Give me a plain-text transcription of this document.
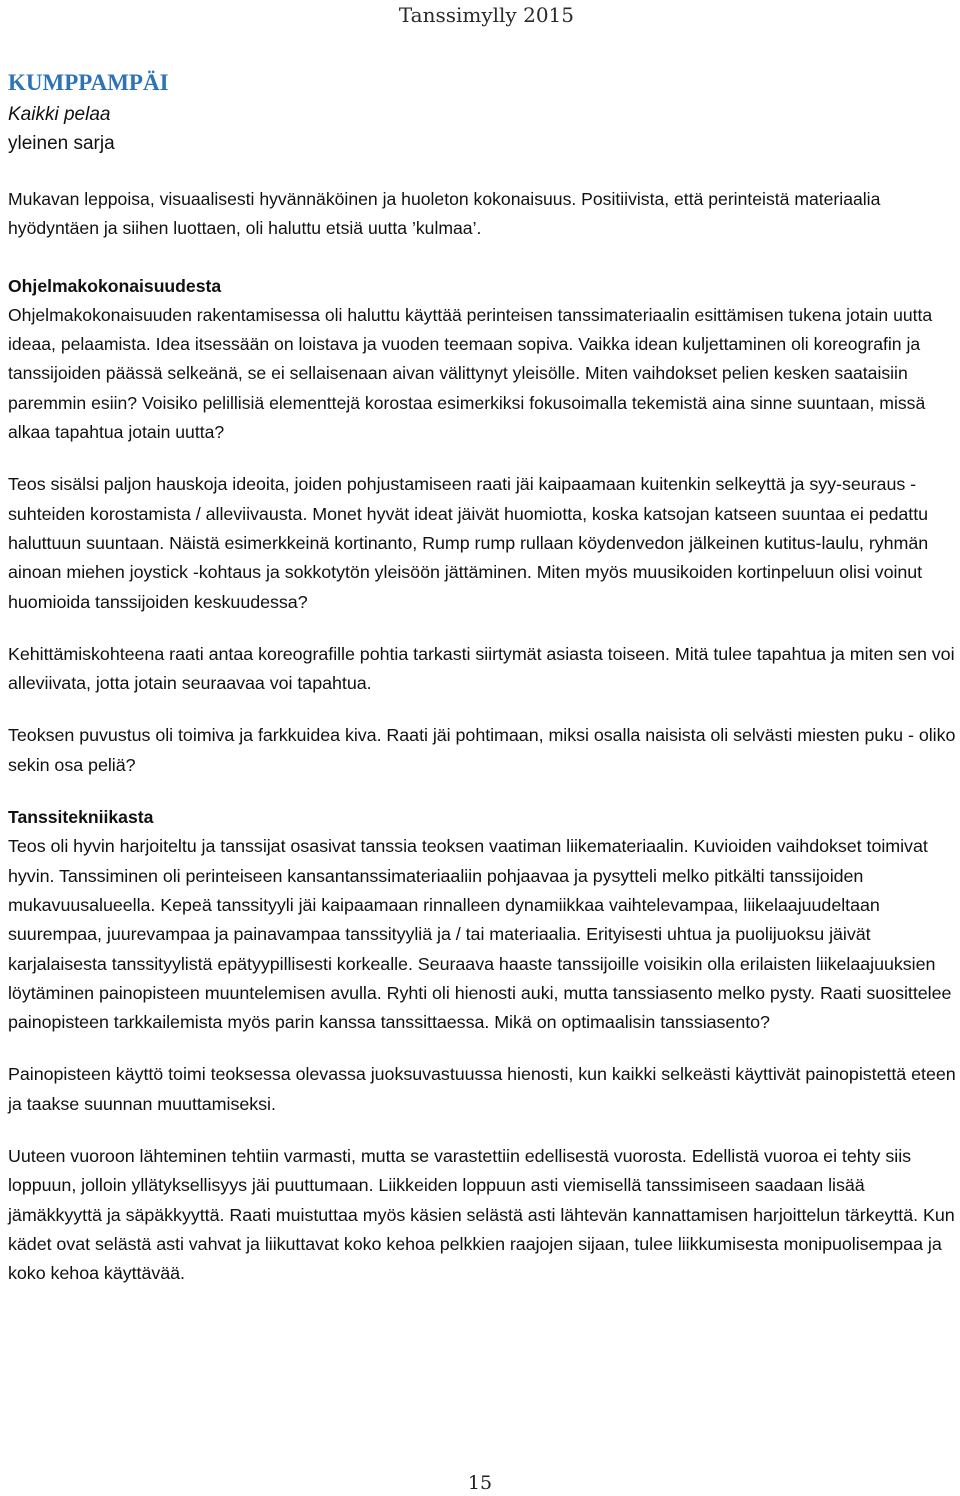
Tanssimylly 2015
KUMPPAMPÄI

Kaikki pelaa

yleinen sarja

Mukavan leppoisa, visuaalisesti hyvännäköinen ja huoleton kokonaisuus. Positiivista, että perinteistä materiaalia hyödyntäen ja siihen luottaen, oli haluttu etsiä uutta ’kulmaa’.

Ohjelmakokonaisuudesta

Ohjelmakokonaisuuden rakentamisessa oli haluttu käyttää perinteisen tanssimateriaalin esittämisen tukena jotain uutta ideaa, pelaamista. Idea itsessään on loistava ja vuoden teemaan sopiva. Vaikka idean kuljettaminen oli koreografin ja tanssijoiden päässä selkeänä, se ei sellaisenaan aivan välittynyt yleisölle. Miten vaihdokset pelien kesken saataisiin paremmin esiin? Voisiko pelillisiä elementtejä korostaa esimerkiksi fokusoimalla tekemistä aina sinne suuntaan, missä alkaa tapahtua jotain uutta?

Teos sisälsi paljon hauskoja ideoita, joiden pohjustamiseen raati jäi kaipaamaan kuitenkin selkeyttä ja syy-seuraus -suhteiden korostamista / alleviivausta. Monet hyvät ideat jäivät huomiotta, koska katsojan katseen suuntaa ei pedattu haluttuun suuntaan. Näistä esimerkkeinä kortinanto, Rump rump rullaan köydenvedon jälkeinen kutitus-laulu, ryhmän ainoan miehen joystick -kohtaus ja sokkotytön yleisöön jättäminen. Miten myös muusikoiden kortinpeluun olisi voinut huomioida tanssijoiden keskuudessa?

Kehittämiskohteena raati antaa koreografille pohtia tarkasti siirtymät asiasta toiseen. Mitä tulee tapahtua ja miten sen voi alleviivata, jotta jotain seuraavaa voi tapahtua.

Teoksen puvustus oli toimiva ja farkkuidea kiva. Raati jäi pohtimaan, miksi osalla naisista oli selvästi miesten puku - oliko sekin osa peliä?

Tanssitekniikasta

Teos oli hyvin harjoiteltu ja tanssijat osasivat tanssia teoksen vaatiman liikemateriaalin. Kuvioiden vaihdokset toimivat hyvin. Tanssiminen oli perinteiseen kansantanssimateriaaliin pohjaavaa ja pysytteli melko pitkälti tanssijoiden mukavuusalueella. Kepeä tanssityyli jäi kaipaamaan rinnalleen dynamiikkaa vaihtelevampaa, liikelaajuudeltaan suurempaa, juurevampaa ja painavampaa tanssityyliä ja / tai materiaalia. Erityisesti uhtua ja puolijuoksu jäivät karjalaisesta tanssityylistä epätyypillisesti korkealle. Seuraava haaste tanssijoille voisikin olla erilaisten liikelaajuuksien löytäminen painopisteen muuntelemisen avulla. Ryhti oli hienosti auki, mutta tanssiasento melko pysty. Raati suosittelee painopisteen tarkkailemista myös parin kanssa tanssittaessa. Mikä on optimaalisin tanssiasento?

Painopisteen käyttö toimi teoksessa olevassa juoksuvastuussa hienosti, kun kaikki selkeästi käyttivät painopistettä eteen ja taakse suunnan muuttamiseksi.

Uuteen vuoroon lähteminen tehtiin varmasti, mutta se varastettiin edellisestä vuorosta. Edellistä vuoroa ei tehty siis loppuun, jolloin yllätyksellisyys jäi puuttumaan. Liikkeiden loppuun asti viemisellä tanssimiseen saadaan lisää jämäkkyyttä ja säpäkkyyttä. Raati muistuttaa myös käsien selästä asti lähtevän kannattamisen harjoittelun tärkeyttä. Kun kädet ovat selästä asti vahvat ja liikuttavat koko kehoa pelkkien raajojen sijaan, tulee liikkumisesta monipuolisempaa ja koko kehoa käyttävää.

15
